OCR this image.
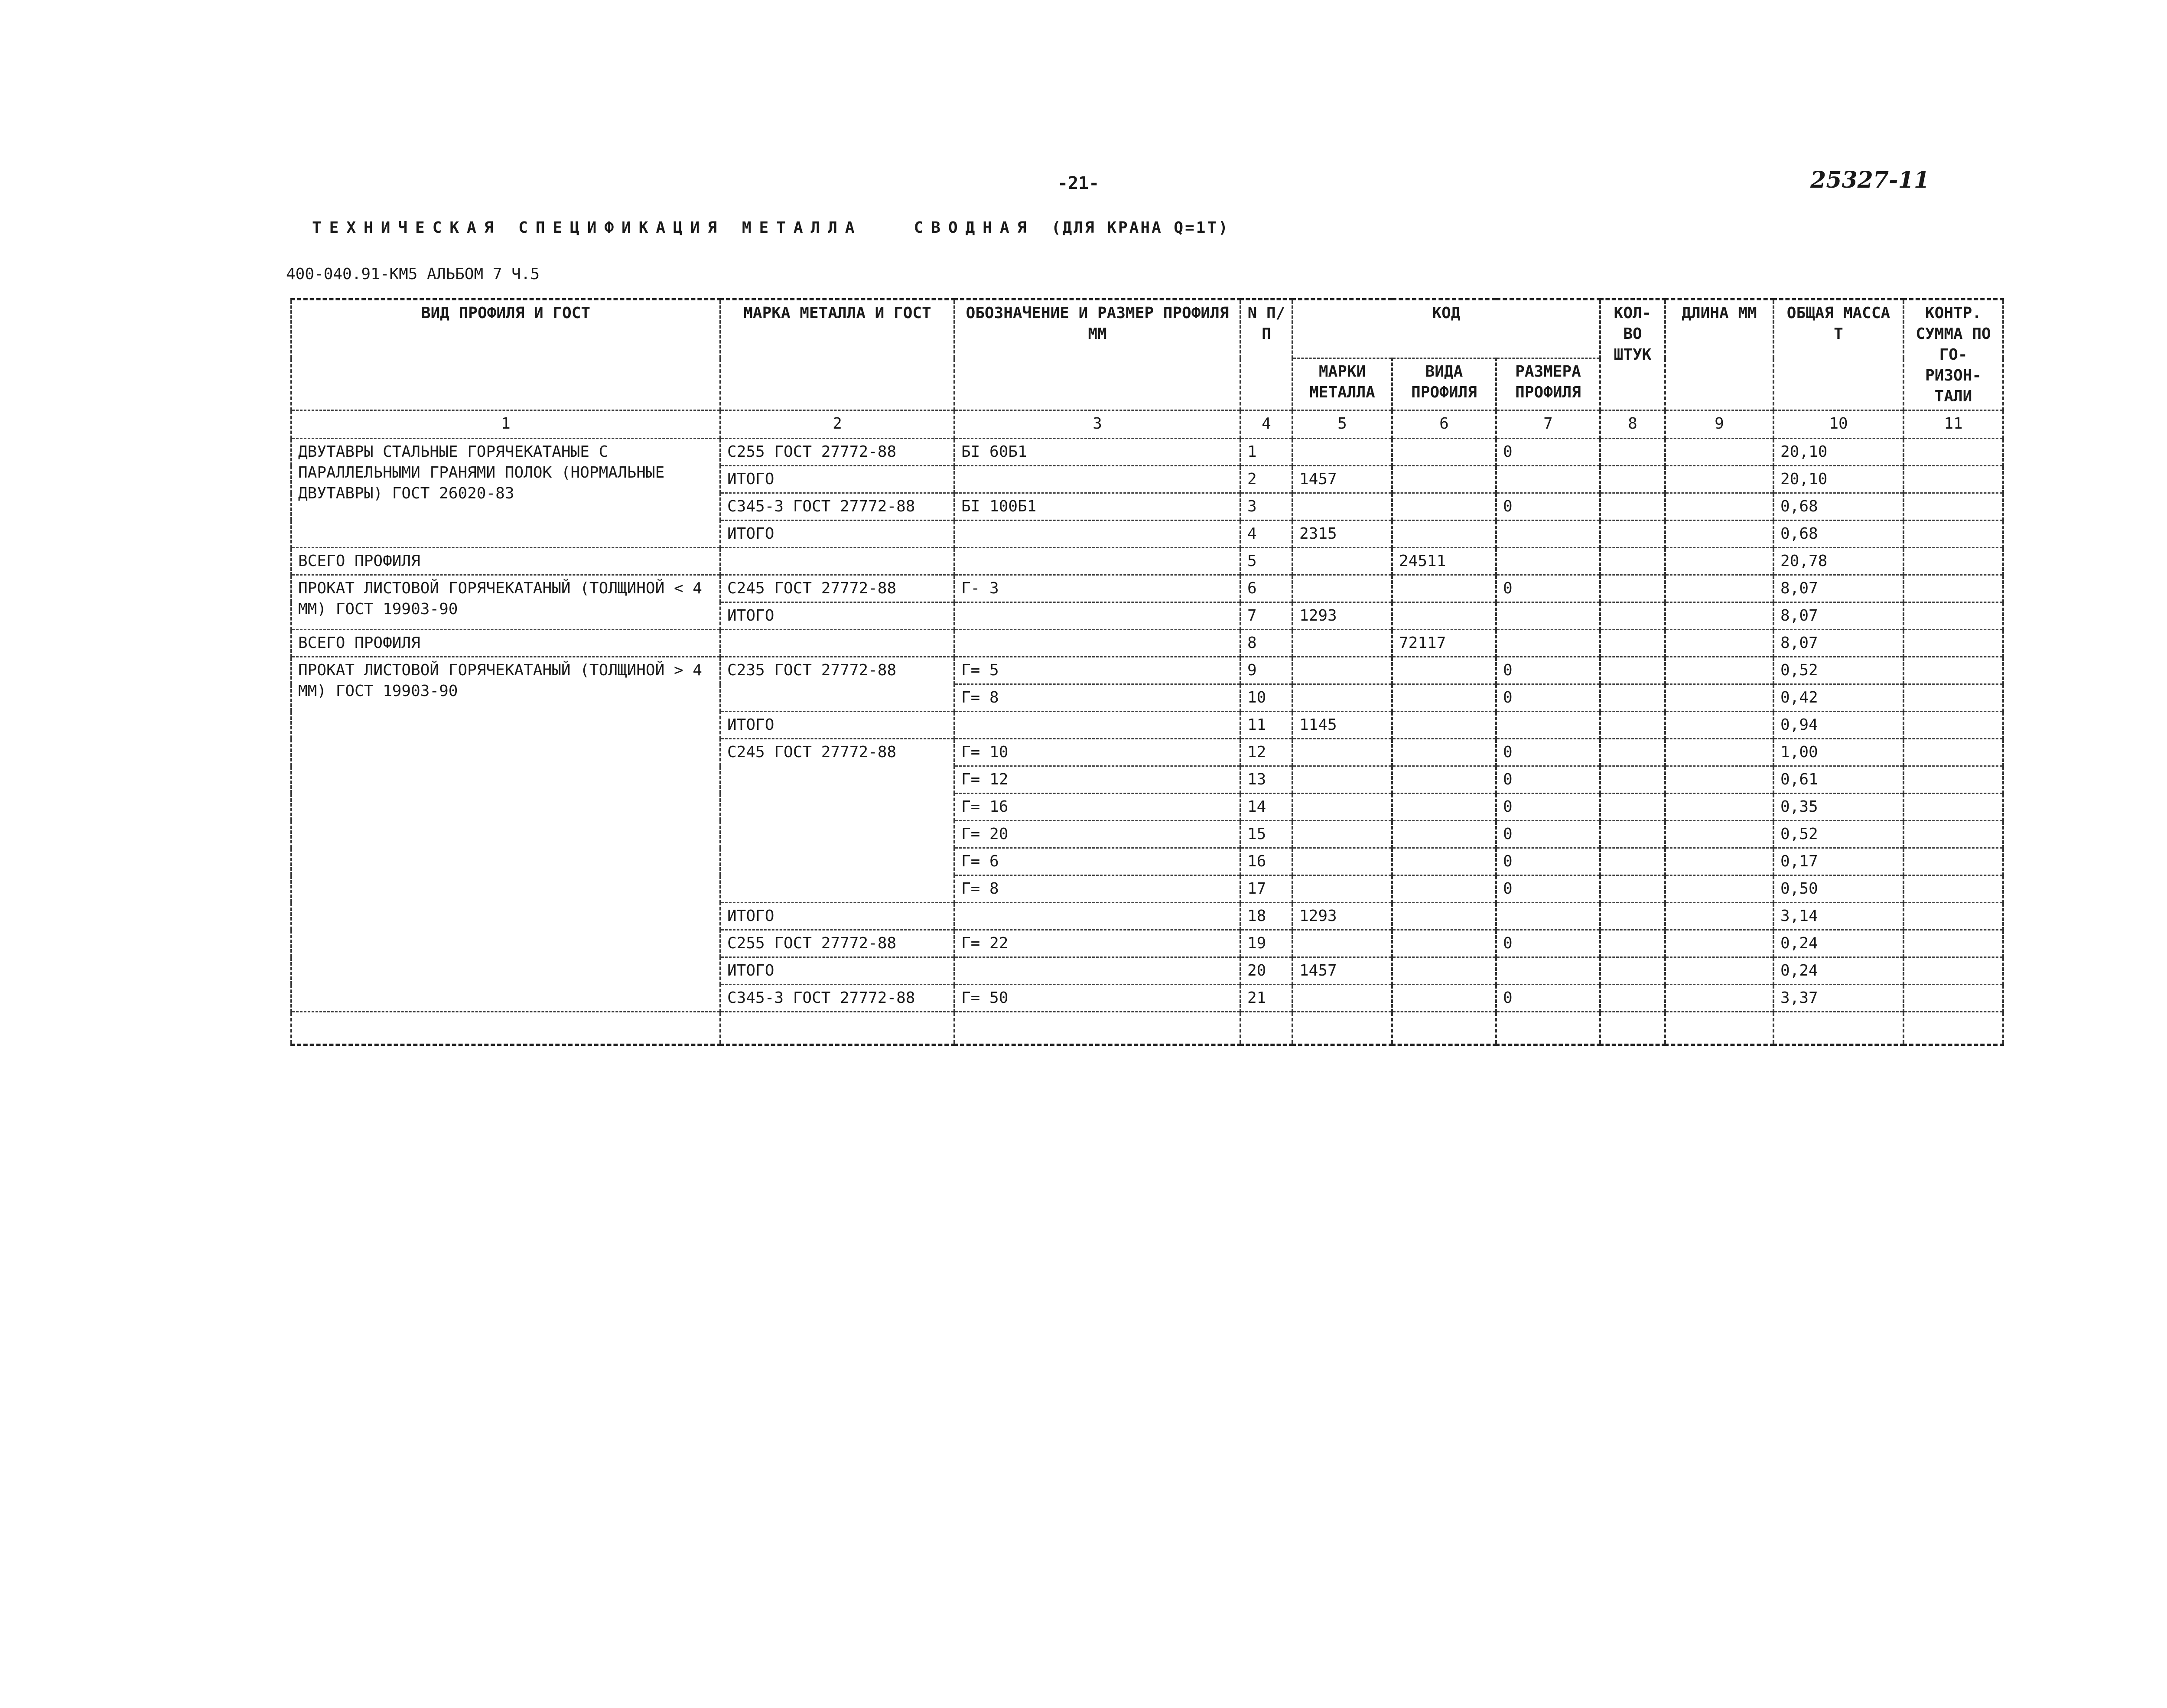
-21-	25327-11
ТЕХНИЧЕСКАЯ СПЕЦИФИКАЦИЯ МЕТАЛЛА	СВОДНАЯ (ДЛЯ КРАНА Q=1Т)
400-040.91-КМ5 АЛЬБОМ 7 Ч.5
ВИД ПРОФИЛЯ И ГОСТ	МАРКА МЕТАЛЛА И ГОСТ	ОБОЗНАЧЕНИЕ И РАЗМЕР ПРОФИЛЯ ММ	N П/П	КОД			КОЛ-ВО ШТУК	ДЛИНА ММ	ОБЩАЯ МАССА Т	КОНТР. СУММА ПО ГО- РИЗОН- ТАЛИ
				МАРКИ МЕТАЛЛА	ВИДА ПРОФИЛЯ	РАЗМЕРА ПРОФИЛЯ				
1	2	3	4	5	6	7	8	9	10	11
ДВУТАВРЫ СТАЛЬНЫЕ ГОРЯЧЕКАТАНЫЕ С ПАРАЛЛЕЛЬНЫМИ ГРАНЯМИ ПОЛОК (НОРМАЛЬНЫЕ ДВУТАВРЫ) ГОСТ 26020-83	С255 ГОСТ 27772-88	БI 60Б1	1			0			20,10	
	ИТОГО		2	1457					20,10	
	С345-3 ГОСТ 27772-88	БI 100Б1	3			0			0,68	
	ИТОГО		4	2315					0,68	
ВСЕГО ПРОФИЛЯ			5		24511				20,78	
ПРОКАТ ЛИСТОВОЙ ГОРЯЧЕКАТАНЫЙ (ТОЛЩИНОЙ < 4 ММ) ГОСТ 19903-90	С245 ГОСТ 27772-88	Г- 3	6			0			8,07	
	ИТОГО		7	1293					8,07	
ВСЕГО ПРОФИЛЯ			8		72117				8,07	
ПРОКАТ ЛИСТОВОЙ ГОРЯЧЕКАТАНЫЙ (ТОЛЩИНОЙ > 4 ММ) ГОСТ 19903-90	С235 ГОСТ 27772-88	Г= 5	9			0			0,52	
		Г= 8	10			0			0,42	
	ИТОГО		11	1145					0,94	
	С245 ГОСТ 27772-88	Г= 10	12			0			1,00	
		Г= 12	13			0			0,61	
		Г= 16	14			0			0,35	
		Г= 20	15			0			0,52	
		Г= 6	16			0			0,17	
		Г= 8	17			0			0,50	
	ИТОГО		18	1293					3,14	
	С255 ГОСТ 27772-88	Г= 22	19			0			0,24	
	ИТОГО		20	1457					0,24	
	С345-3 ГОСТ 27772-88	Г= 50	21			0			3,37	
